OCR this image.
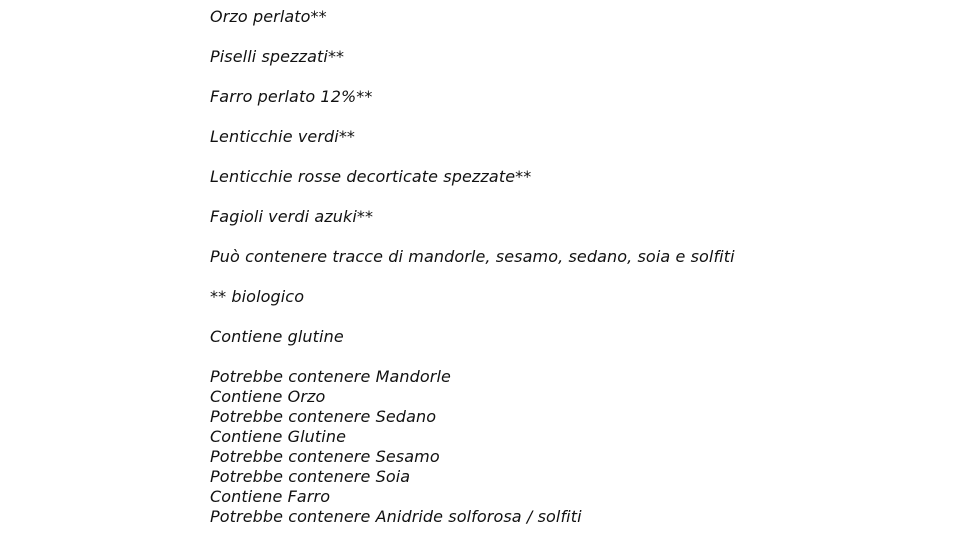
Orzo perlato**
Piselli spezzati**
Farro perlato 12%**
Lenticchie verdi**
Lenticchie rosse decorticate spezzate**
Fagioli verdi azuki**
Può contenere tracce di mandorle, sesamo, sedano, soia e solfiti
** biologico
Contiene glutine
Potrebbe contenere Mandorle
Contiene Orzo
Potrebbe contenere Sedano
Contiene Glutine
Potrebbe contenere Sesamo
Potrebbe contenere Soia
Contiene Farro
Potrebbe contenere Anidride solforosa / solfiti
